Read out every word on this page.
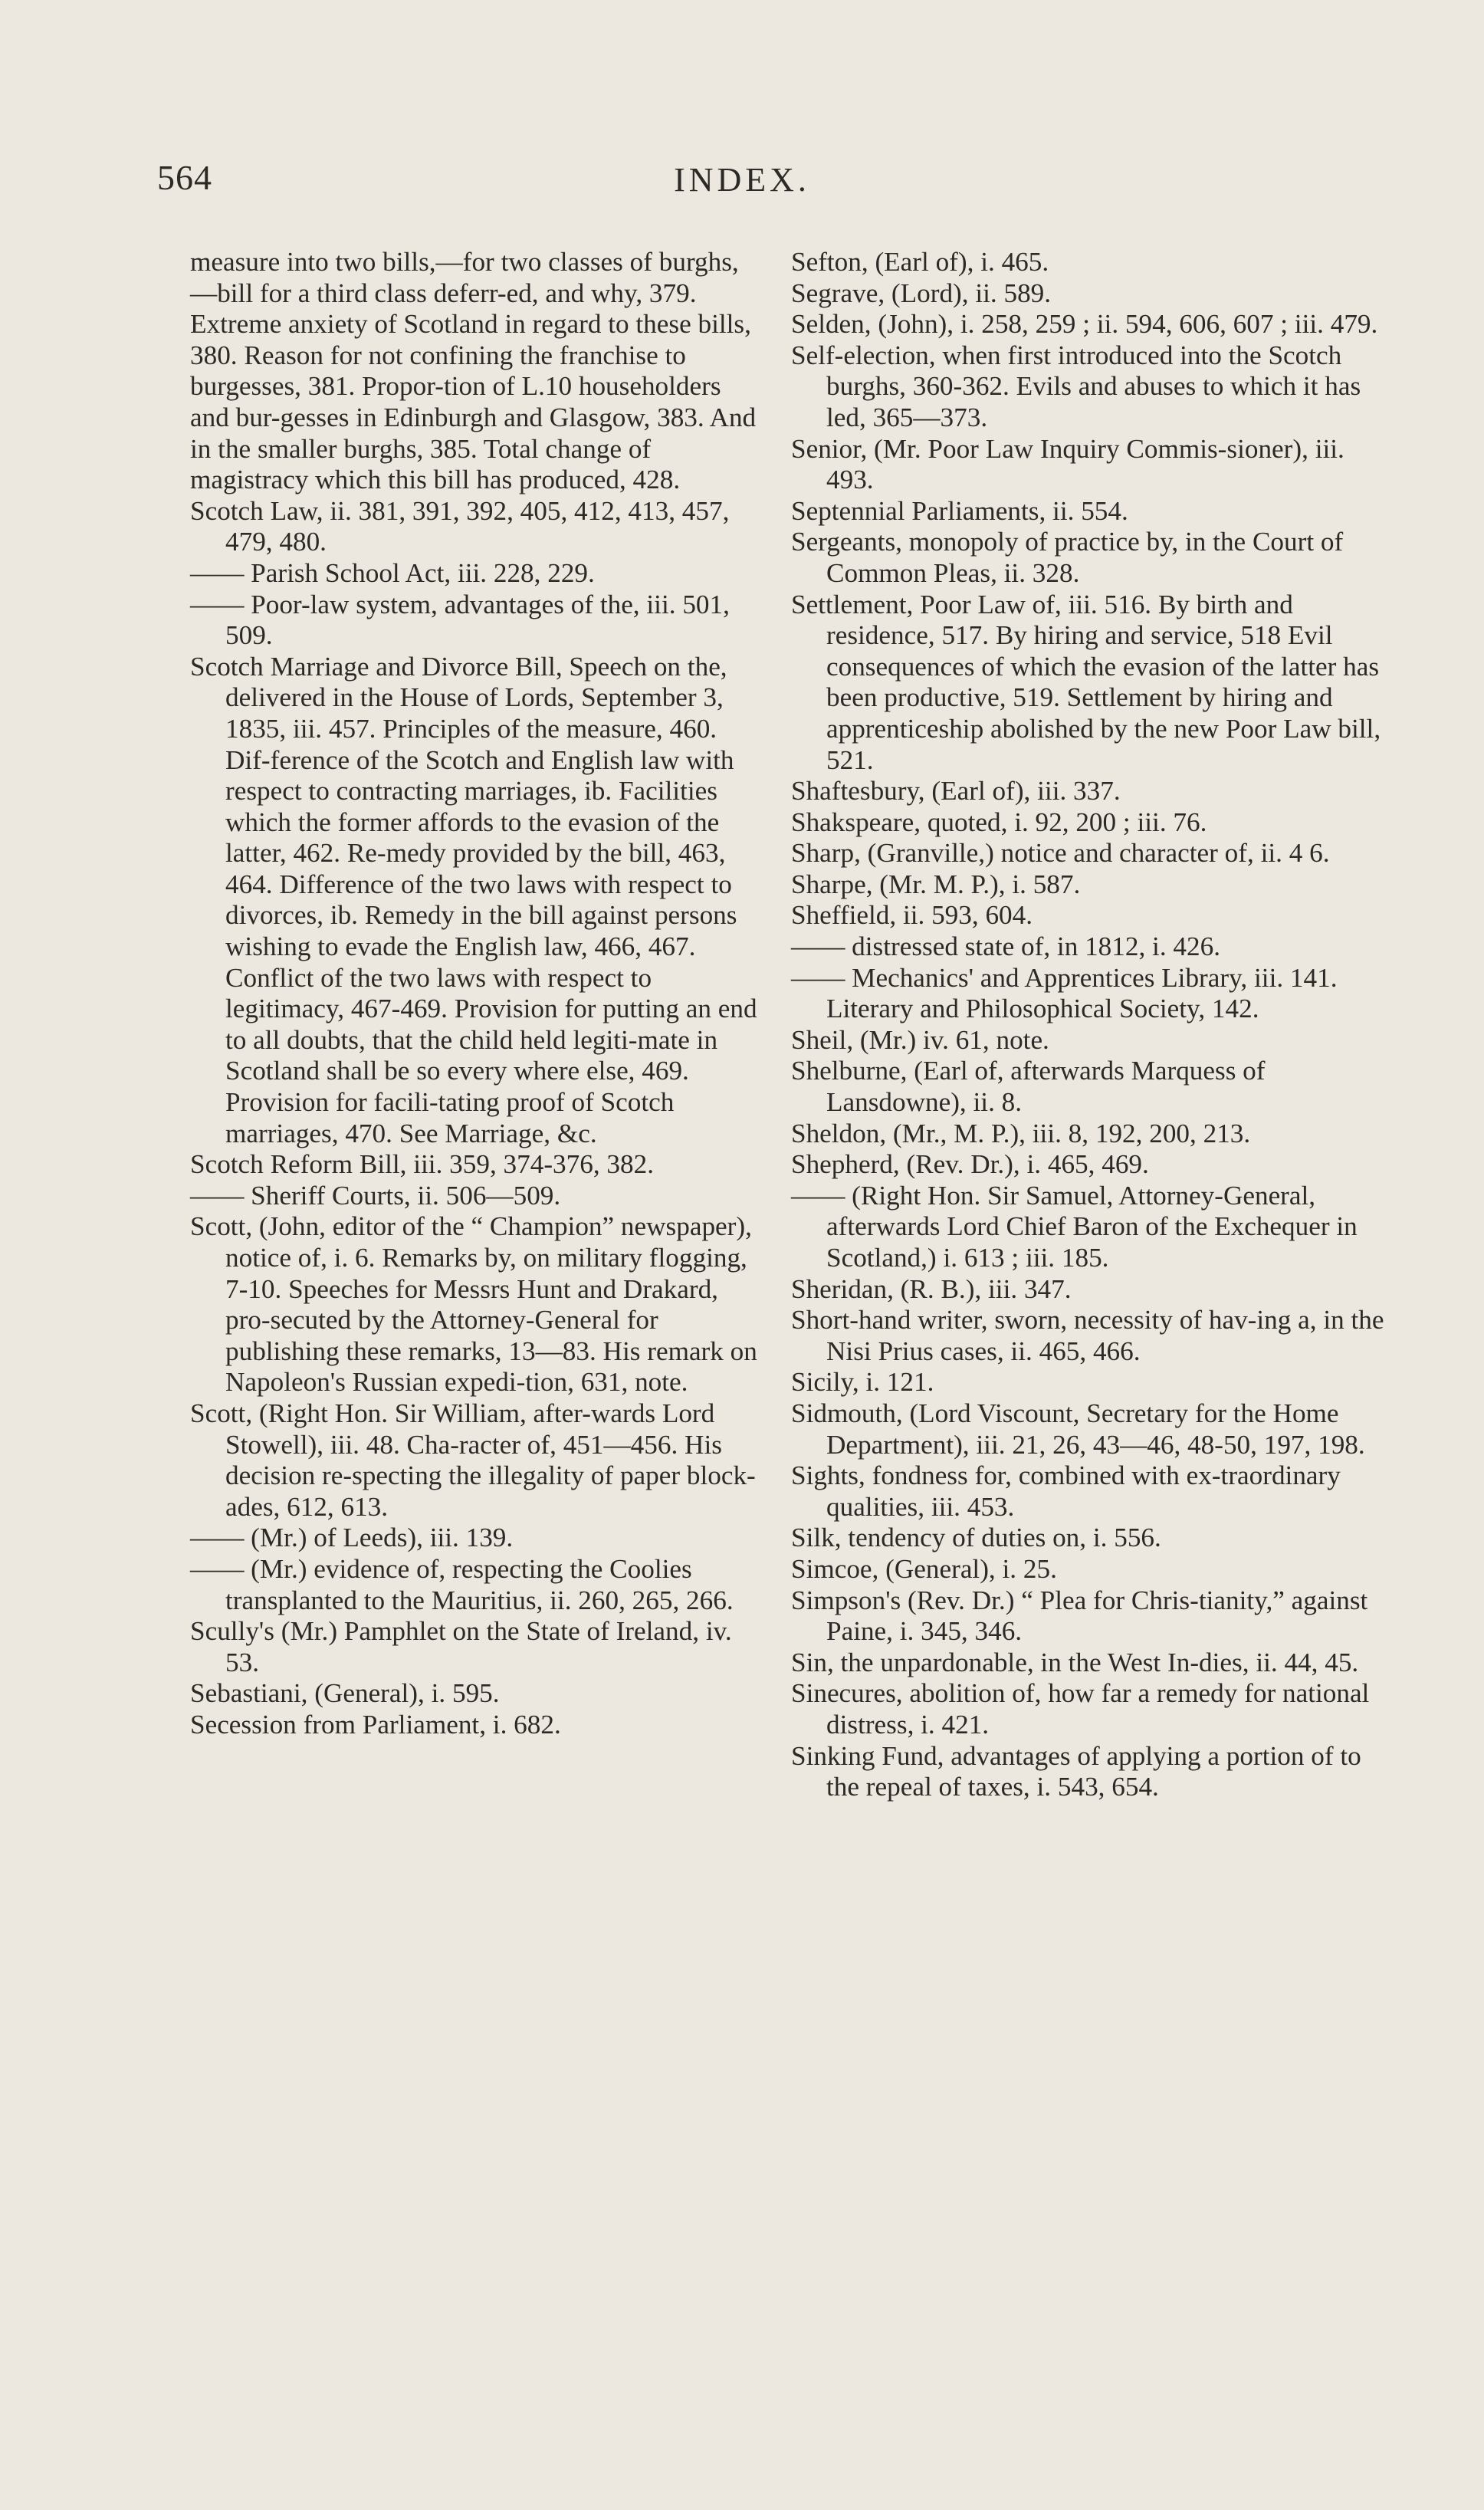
564	INDEX.

measure into two bills,—for two classes of burghs,—bill for a third class deferr-ed, and why, 379. Extreme anxiety of Scotland in regard to these bills, 380. Reason for not confining the franchise to burgesses, 381. Propor-tion of L.10 householders and bur-gesses in Edinburgh and Glasgow, 383. And in the smaller burghs, 385. Total change of magistracy which this bill has produced, 428.

Scotch Law, ii. 381, 391, 392, 405, 412, 413, 457, 479, 480.

—— Parish School Act, iii. 228, 229.

—— Poor-law system, advantages of the, iii. 501, 509.

Scotch Marriage and Divorce Bill, Speech on the, delivered in the House of Lords, September 3, 1835, iii. 457. Principles of the measure, 460. Dif-ference of the Scotch and English law with respect to contracting marriages, ib. Facilities which the former affords to the evasion of the latter, 462. Re-medy provided by the bill, 463, 464. Difference of the two laws with respect to divorces, ib. Remedy in the bill against persons wishing to evade the English law, 466, 467. Conflict of the two laws with respect to legitimacy, 467-469. Provision for putting an end to all doubts, that the child held legiti-mate in Scotland shall be so every where else, 469. Provision for facili-tating proof of Scotch marriages, 470. See Marriage, &c.

Scotch Reform Bill, iii. 359, 374-376, 382.

—— Sheriff Courts, ii. 506—509.

Scott, (John, editor of the “ Champion” newspaper), notice of, i. 6. Remarks by, on military flogging, 7-10. Speeches for Messrs Hunt and Drakard, pro-secuted by the Attorney-General for publishing these remarks, 13—83. His remark on Napoleon's Russian expedi-tion, 631, note.

Scott, (Right Hon. Sir William, after-wards Lord Stowell), iii. 48. Cha-racter of, 451—456. His decision re-specting the illegality of paper block-ades, 612, 613.

—— (Mr.) of Leeds), iii. 139.

—— (Mr.) evidence of, respecting the Coolies transplanted to the Mauritius, ii. 260, 265, 266.

Scully's (Mr.) Pamphlet on the State of Ireland, iv. 53.

Sebastiani, (General), i. 595.

Secession from Parliament, i. 682.

Sefton, (Earl of), i. 465.

Segrave, (Lord), ii. 589.

Selden, (John), i. 258, 259 ; ii. 594, 606, 607 ; iii. 479.

Self-election, when first introduced into the Scotch burghs, 360-362. Evils and abuses to which it has led, 365—373.

Senior, (Mr. Poor Law Inquiry Commis-sioner), iii. 493.

Septennial Parliaments, ii. 554.

Sergeants, monopoly of practice by, in the Court of Common Pleas, ii. 328.

Settlement, Poor Law of, iii. 516. By birth and residence, 517. By hiring and service, 518 Evil consequences of which the evasion of the latter has been productive, 519. Settlement by hiring and apprenticeship abolished by the new Poor Law bill, 521.

Shaftesbury, (Earl of), iii. 337.

Shakspeare, quoted, i. 92, 200 ; iii. 76.

Sharp, (Granville,) notice and character of, ii. 4 6.

Sharpe, (Mr. M. P.), i. 587.

Sheffield, ii. 593, 604.

—— distressed state of, in 1812, i. 426.

—— Mechanics' and Apprentices Library, iii. 141. Literary and Philosophical Society, 142.

Sheil, (Mr.) iv. 61, note.

Shelburne, (Earl of, afterwards Marquess of Lansdowne), ii. 8.

Sheldon, (Mr., M. P.), iii. 8, 192, 200, 213.

Shepherd, (Rev. Dr.), i. 465, 469.

—— (Right Hon. Sir Samuel, Attorney-General, afterwards Lord Chief Baron of the Exchequer in Scotland,) i. 613 ; iii. 185.

Sheridan, (R. B.), iii. 347.

Short-hand writer, sworn, necessity of hav-ing a, in the Nisi Prius cases, ii. 465, 466.

Sicily, i. 121.

Sidmouth, (Lord Viscount, Secretary for the Home Department), iii. 21, 26, 43—46, 48-50, 197, 198.

Sights, fondness for, combined with ex-traordinary qualities, iii. 453.

Silk, tendency of duties on, i. 556.

Simcoe, (General), i. 25.

Simpson's (Rev. Dr.) “ Plea for Chris-tianity,” against Paine, i. 345, 346.

Sin, the unpardonable, in the West In-dies, ii. 44, 45.

Sinecures, abolition of, how far a remedy for national distress, i. 421.

Sinking Fund, advantages of applying a portion of to the repeal of taxes, i. 543, 654.
